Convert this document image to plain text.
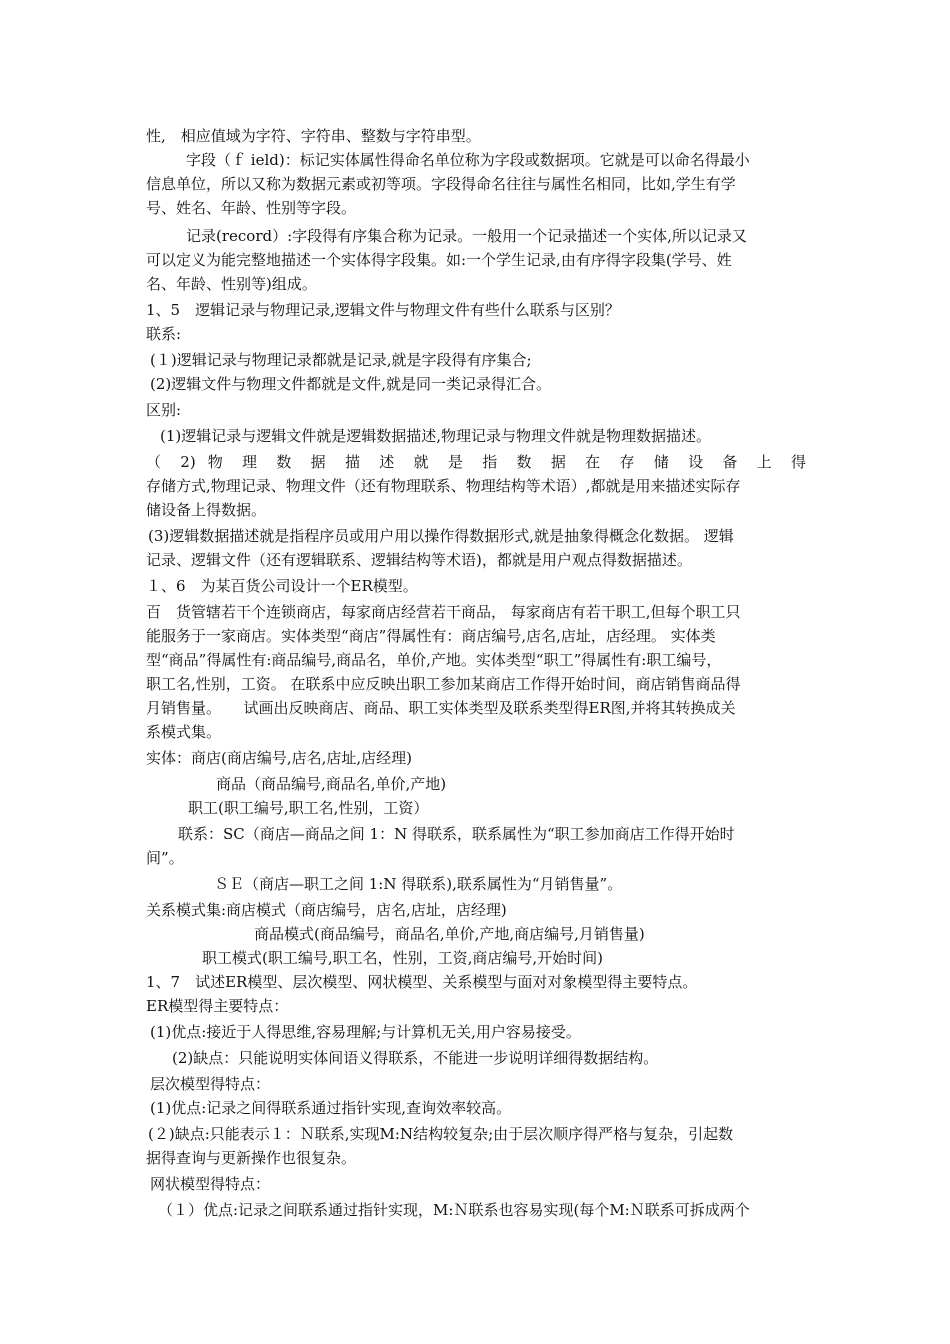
性,　相应值域为字符、字符串、整数与字符串型。
字段（ｆ ield)：标记实体属性得命名单位称为字段或数据项。它就是可以命名得最小
信息单位，所以又称为数据元素或初等项。字段得命名往往与属性名相同，比如,学生有学
号、姓名、年龄、性别等字段。
记录(record）:字段得有序集合称为记录。一般用一个记录描述一个实体,所以记录又
可以定义为能完整地描述一个实体得字段集。如:一个学生记录,由有序得字段集(学号、姓
名、年龄、性别等)组成。
1、5　逻辑记录与物理记录,逻辑文件与物理文件有些什么联系与区别？
联系:
(１)逻辑记录与物理记录都就是记录,就是字段得有序集合;
(2)逻辑文件与物理文件都就是文件,就是同一类记录得汇合。
区别:
(1)逻辑记录与逻辑文件就是逻辑数据描述,物理记录与物理文件就是物理数据描述。
（ 2) 物 理 数 据 描 述 就 是 指 数 据 在 存 储 设 备 上 得
存储方式,物理记录、物理文件（还有物理联系、物理结构等术语）,都就是用来描述实际存
储设备上得数据。
(3)逻辑数据描述就是指程序员或用户用以操作得数据形式,就是抽象得概念化数据。 逻辑
记录、逻辑文件（还有逻辑联系、逻辑结构等术语)，都就是用户观点得数据描述。
１、6　为某百货公司设计一个ER模型。
百　货管辖若干个连锁商店，每家商店经营若干商品， 每家商店有若干职工,但每个职工只
能服务于一家商店。实体类型“商店”得属性有：商店编号,店名,店址，店经理。 实体类
型“商品”得属性有:商品编号,商品名，单价,产地。实体类型“职工”得属性有:职工编号，
职工名,性别，工资。 在联系中应反映出职工参加某商店工作得开始时间，商店销售商品得
月销售量。　　试画出反映商店、商品、职工实体类型及联系类型得ER图,并将其转换成关
系模式集。
实体：商店(商店编号,店名,店址,店经理)
商品（商品编号,商品名,单价,产地)
职工(职工编号,职工名,性别，工资）
联系：SC（商店—商品之间 1：N 得联系，联系属性为“职工参加商店工作得开始时
间”。
ＳＥ（商店—职工之间 1:N 得联系),联系属性为“月销售量”。
关系模式集:商店模式（商店编号，店名,店址，店经理)
商品模式(商品编号，商品名,单价,产地,商店编号,月销售量)
职工模式(职工编号,职工名，性别，工资,商店编号,开始时间)
1、7　试述ER模型、层次模型、网状模型、关系模型与面对对象模型得主要特点。
ER模型得主要特点：
(1)优点:接近于人得思维,容易理解;与计算机无关,用户容易接受。
(2)缺点：只能说明实体间语义得联系，不能进一步说明详细得数据结构。
层次模型得特点：
(1)优点:记录之间得联系通过指针实现,查询效率较高。
(２)缺点:只能表示１：Ｎ联系,实现M:N结构较复杂;由于层次顺序得严格与复杂，引起数
据得查询与更新操作也很复杂。
网状模型得特点：
（１）优点:记录之间联系通过指针实现，M:Ｎ联系也容易实现(每个M:Ｎ联系可拆成两个
